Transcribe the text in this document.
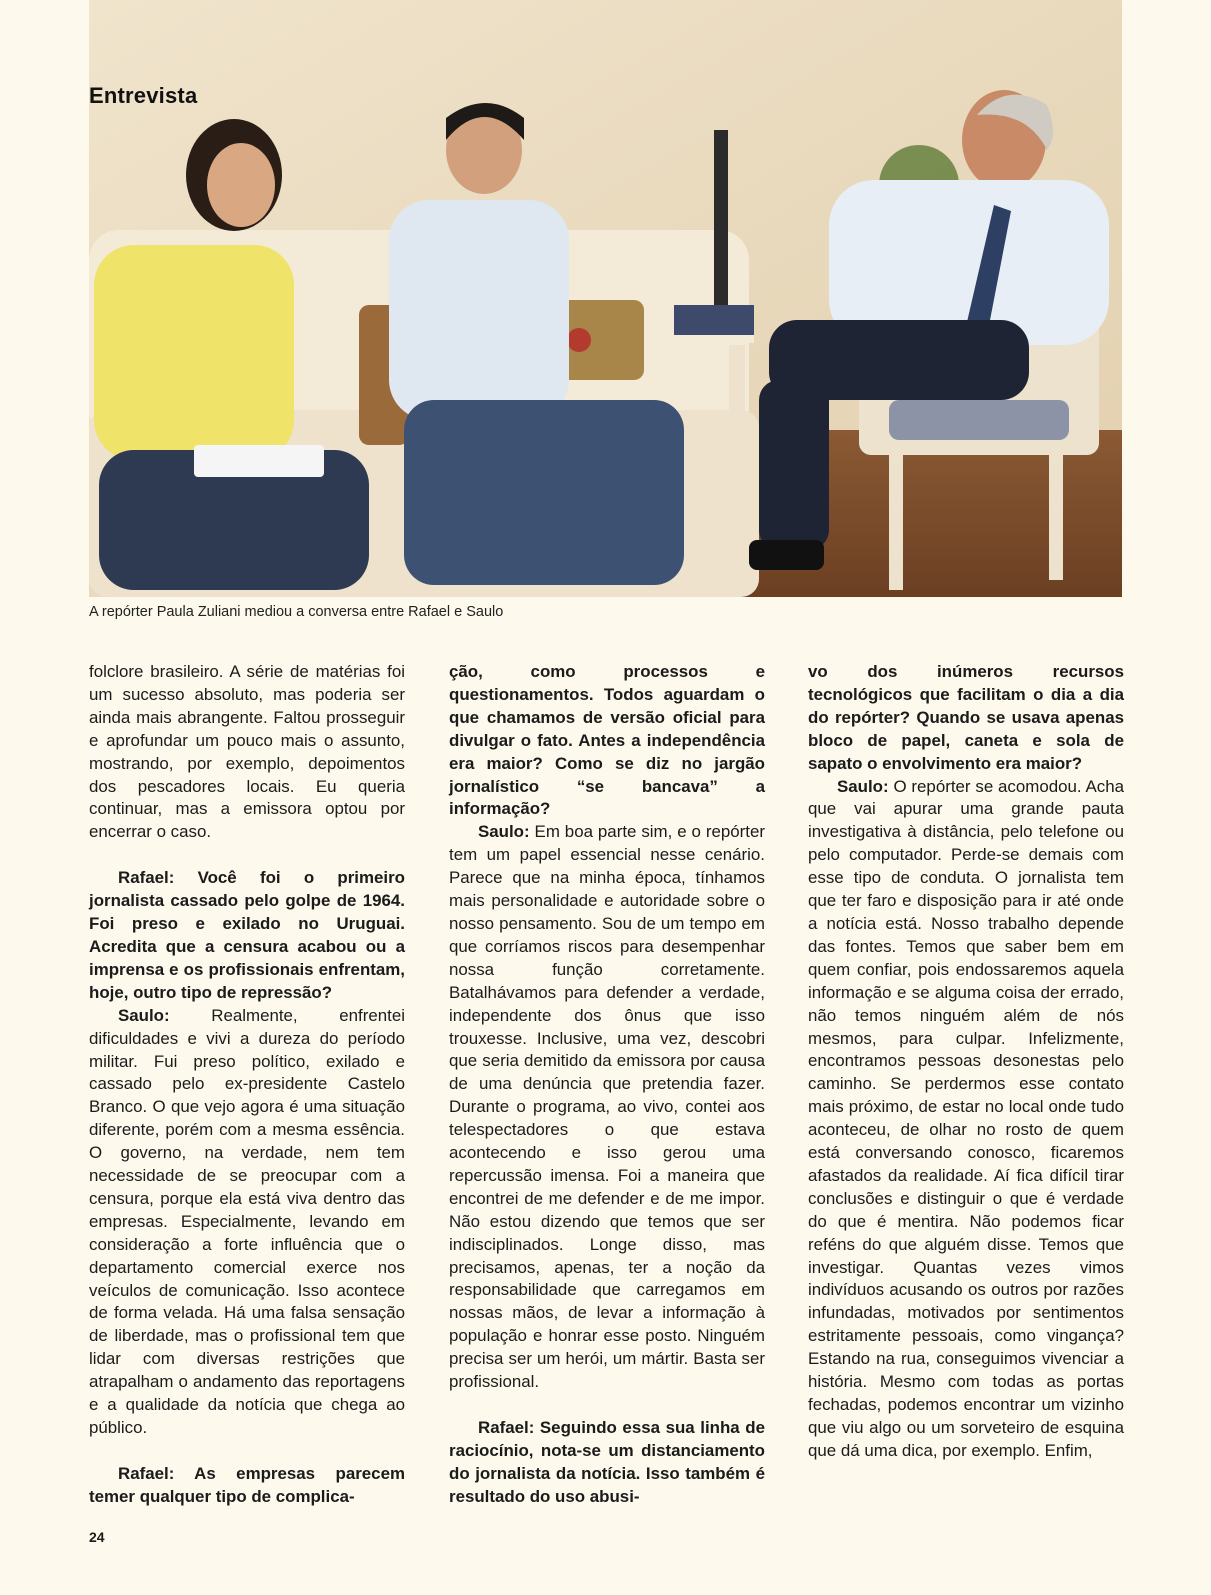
Entrevista

A repórter Paula Zuliani mediou a conversa entre Rafael e Saulo

folclore brasileiro. A série de matérias foi um sucesso absoluto, mas poderia ser ainda mais abrangente. Faltou prosseguir e aprofundar um pouco mais o assunto, mostrando, por exemplo, depoimentos dos pescadores locais. Eu queria continuar, mas a emissora optou por encerrar o caso.

Rafael: Você foi o primeiro jornalista cassado pelo golpe de 1964. Foi preso e exilado no Uruguai. Acredita que a censura acabou ou a imprensa e os profissionais enfrentam, hoje, outro tipo de repressão?

Saulo: Realmente, enfrentei dificuldades e vivi a dureza do período militar. Fui preso político, exilado e cassado pelo ex-presidente Castelo Branco. O que vejo agora é uma situação diferente, porém com a mesma essência. O governo, na verdade, nem tem necessidade de se preocupar com a censura, porque ela está viva dentro das empresas. Especialmente, levando em consideração a forte influência que o departamento comercial exerce nos veículos de comunicação. Isso acontece de forma velada. Há uma falsa sensação de liberdade, mas o profissional tem que lidar com diversas restrições que atrapalham o andamento das reportagens e a qualidade da notícia que chega ao público.

Rafael: As empresas parecem temer qualquer tipo de complica-

ção, como processos e questionamentos. Todos aguardam o que chamamos de versão oficial para divulgar o fato. Antes a independência era maior? Como se diz no jargão jornalístico “se bancava” a informação?

Saulo: Em boa parte sim, e o repórter tem um papel essencial nesse cenário. Parece que na minha época, tínhamos mais personalidade e autoridade sobre o nosso pensamento. Sou de um tempo em que corríamos riscos para desempenhar nossa função corretamente. Batalhávamos para defender a verdade, independente dos ônus que isso trouxesse. Inclusive, uma vez, descobri que seria demitido da emissora por causa de uma denúncia que pretendia fazer. Durante o programa, ao vivo, contei aos telespectadores o que estava acontecendo e isso gerou uma repercussão imensa. Foi a maneira que encontrei de me defender e de me impor. Não estou dizendo que temos que ser indisciplinados. Longe disso, mas precisamos, apenas, ter a noção da responsabilidade que carregamos em nossas mãos, de levar a informação à população e honrar esse posto. Ninguém precisa ser um herói, um mártir. Basta ser profissional.

Rafael: Seguindo essa sua linha de raciocínio, nota-se um distanciamento do jornalista da notícia. Isso também é resultado do uso abusi-

vo dos inúmeros recursos tecnológicos que facilitam o dia a dia do repórter? Quando se usava apenas bloco de papel, caneta e sola de sapato o envolvimento era maior?

Saulo: O repórter se acomodou. Acha que vai apurar uma grande pauta investigativa à distância, pelo telefone ou pelo computador. Perde-se demais com esse tipo de conduta. O jornalista tem que ter faro e disposição para ir até onde a notícia está. Nosso trabalho depende das fontes. Temos que saber bem em quem confiar, pois endossaremos aquela informação e se alguma coisa der errado, não temos ninguém além de nós mesmos, para culpar. Infelizmente, encontramos pessoas desonestas pelo caminho. Se perdermos esse contato mais próximo, de estar no local onde tudo aconteceu, de olhar no rosto de quem está conversando conosco, ficaremos afastados da realidade. Aí fica difícil tirar conclusões e distinguir o que é verdade do que é mentira. Não podemos ficar reféns do que alguém disse. Temos que investigar. Quantas vezes vimos indivíduos acusando os outros por razões infundadas, motivados por sentimentos estritamente pessoais, como vingança? Estando na rua, conseguimos vivenciar a história. Mesmo com todas as portas fechadas, podemos encontrar um vizinho que viu algo ou um sorveteiro de esquina que dá uma dica, por exemplo. Enfim,

24
